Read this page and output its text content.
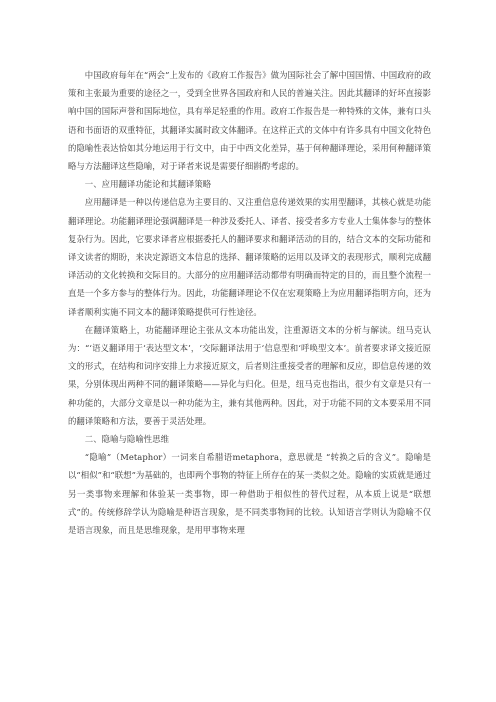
中国政府每年在“两会”上发布的《政府工作报告》做为国际社会了解中国国情、中国政府的政策和主张最为重要的途径之一，受到全世界各国政府和人民的普遍关注。因此其翻译的好坏直接影响中国的国际声誉和国际地位，具有举足轻重的作用。政府工作报告是一种特殊的文体，兼有口头语和书面语的双重特征，其翻译实属时政文体翻译。在这样正式的文体中有许多具有中国文化特色的隐喻性表达恰如其分地运用于行文中，由于中西文化差异，基于何种翻译理论，采用何种翻译策略与方法翻译这些隐喻，对于译者来说是需要仔细斟酌考虑的。

一、应用翻译功能论和其翻译策略

应用翻译是一种以传递信息为主要目的、又注重信息传递效果的实用型翻译，其核心就是功能翻译理论。功能翻译理论强调翻译是一种涉及委托人、译者、接受者多方专业人士集体参与的整体复杂行为。因此，它要求译者应根据委托人的翻译要求和翻译活动的目的，结合文本的交际功能和译文读者的期盼，来决定源语文本信息的选择、翻译策略的运用以及译文的表现形式，顺利完成翻译活动的文化转换和交际目的。大部分的应用翻译活动都带有明确而特定的目的，而且整个流程一直是一个多方参与的整体行为。因此，功能翻译理论不仅在宏观策略上为应用翻译指明方向，还为译者顺利实施不同文本的翻译策略提供可行性途径。

在翻译策略上，功能翻译理论主张从文本功能出发，注重源语文本的分析与解读。纽马克认为：“‘语义翻译用于‘表达型文本’，‘交际翻译法用于‘信息型和‘呼唤型文本’。前者要求译文接近原文的形式，在结构和词序安排上力求接近原文，后者则注重接受者的理解和反应，即信息传递的效果，分别体现出两种不同的翻译策略——异化与归化。但是，纽马克也指出，很少有文章是只有一种功能的，大部分文章是以一种功能为主，兼有其他两种。因此，对于功能不同的文本要采用不同的翻译策略和方法，要善于灵活处理。

二、隐喻与隐喻性思维

“隐喻”（Metaphor）一词来自希腊语metaphora，意思就是 “转换之后的含义”。隐喻是以“相似”和“联想”为基础的，也即两个事物的特征上所存在的某一类似之处。隐喻的实质就是通过另一类事物来理解和体验某一类事物，即一种借助于相似性的替代过程，从本质上说是“联想式”的。传统修辞学认为隐喻是种语言现象，是不同类事物间的比较。认知语言学则认为隐喻不仅是语言现象，而且是思维现象，是用甲事物来理
